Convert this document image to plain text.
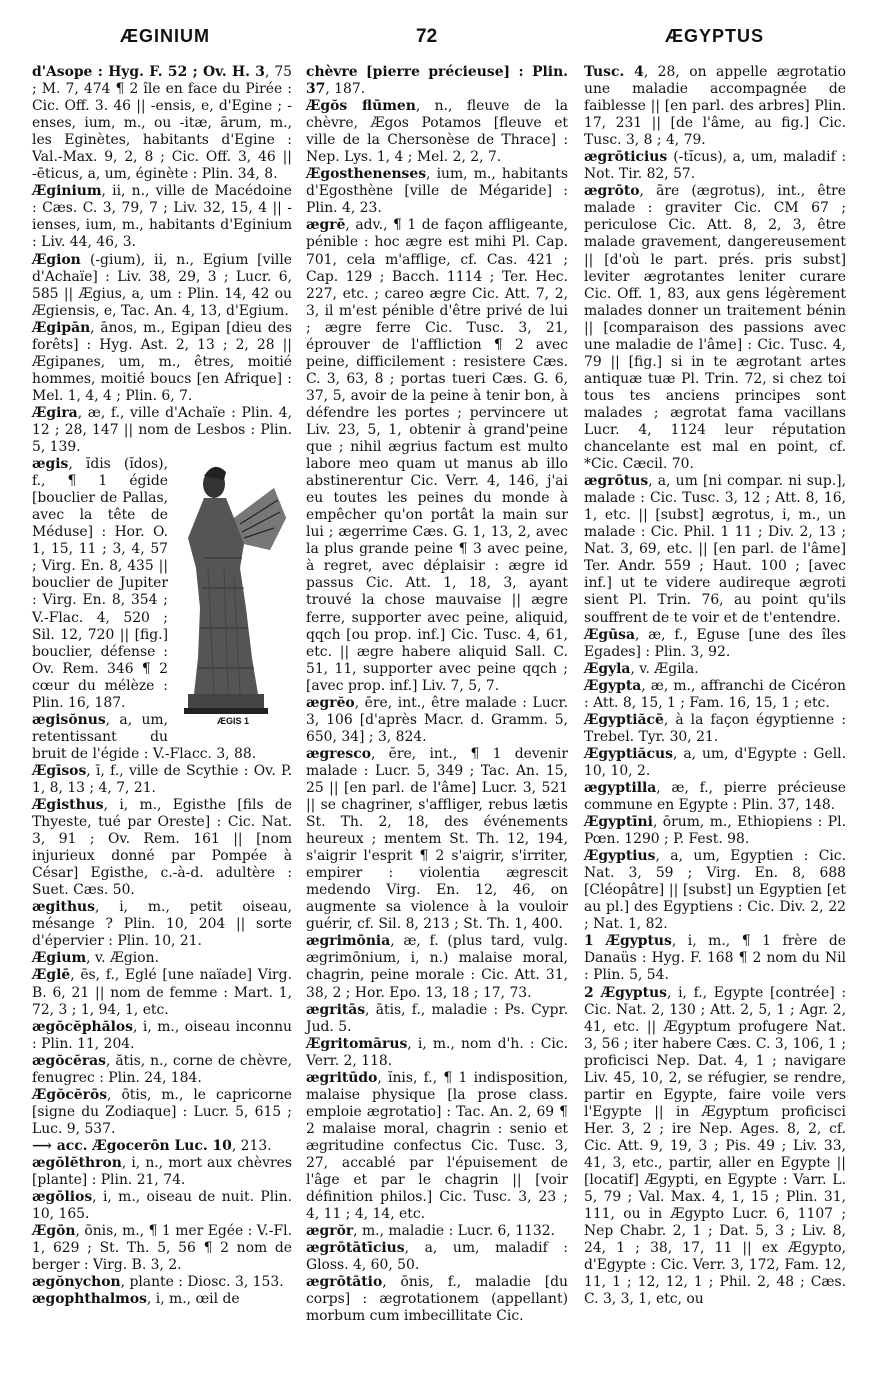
ÆGINIUM	72	ÆGYPTUS

d'Asope : Hyg. F. 52 ; Ov. H. 3, 75 ; M. 7, 474 ¶ 2 île en face du Pirée : Cic. Off. 3. 46 || -ensis, e, d'Egine ; -enses, ium, m., ou -itæ, ārum, m., les Eginètes, habitants d'Egine : Val.-Max. 9, 2, 8 ; Cic. Off. 3, 46 || -ēticus, a, um, éginète : Plin. 34, 8.

Æginium, ii, n., ville de Macédoine : Cæs. C. 3, 79, 7 ; Liv. 32, 15, 4 || -ienses, ium, m., habitants d'Eginium : Liv. 44, 46, 3.

Ægion (-gium), ii, n., Egium [ville d'Achaïe] : Liv. 38, 29, 3 ; Lucr. 6, 585 || Ægius, a, um : Plin. 14, 42 ou Ægiensis, e, Tac. An. 4, 13, d'Egium.

Ægipān, ānos, m., Egipan [dieu des forêts] : Hyg. Ast. 2, 13 ; 2, 28 || Ægipanes, um, m., êtres, moitié hommes, moitié boucs [en Afrique] : Mel. 1, 4, 4 ; Plin. 6, 7.

Ægira, æ, f., ville d'Achaïe : Plin. 4, 12 ; 28, 147 || nom de Lesbos : Plin. 5, 139.

ÆGIS 1

ægis, ĭdis (ĭdos), f., ¶ 1 égide [bouclier de Pallas, avec la tête de Méduse] : Hor. O. 1, 15, 11 ; 3, 4, 57 ; Virg. En. 8, 435 || bouclier de Jupiter : Virg. En. 8, 354 ; V.-Flac. 4, 520 ; Sil. 12, 720 || [fig.] bouclier, défense : Ov. Rem. 346 ¶ 2 cœur du mélèze : Plin. 16, 187.

ægisŏnus, a, um, retentissant du bruit de l'égide : V.-Flacc. 3, 88.

Ægīsos, ī, f., ville de Scythie : Ov. P. 1, 8, 13 ; 4, 7, 21.

Ægisthus, i, m., Egisthe [fils de Thyeste, tué par Oreste] : Cic. Nat. 3, 91 ; Ov. Rem. 161 || [nom injurieux donné par Pompée à César] Egisthe, c.-à-d. adultère : Suet. Cæs. 50.

ægithus, i, m., petit oiseau, mésange ? Plin. 10, 204 || sorte d'épervier : Plin. 10, 21.

Ægium, v. Ægion.

Æglē, ēs, f., Eglé [une naïade] Virg. B. 6, 21 || nom de femme : Mart. 1, 72, 3 ; 1, 94, 1, etc.

ægŏcĕphălos, i, m., oiseau inconnu : Plin. 11, 204.

ægŏcĕras, ătis, n., corne de chèvre, fenugrec : Plin. 24, 184.

Ægŏcĕrōs, ōtis, m., le capricorne [signe du Zodiaque] : Lucr. 5, 615 ; Luc. 9, 537.

⟶ acc. Ægocerōn Luc. 10, 213.

ægŏlĕthron, i, n., mort aux chèvres [plante] : Plin. 21, 74.

ægōlios, i, m., oiseau de nuit. Plin. 10, 165.

Ægōn, ōnis, m., ¶ 1 mer Egée : V.-Fl. 1, 629 ; St. Th. 5, 56 ¶ 2 nom de berger : Virg. B. 3, 2.

ægŏnychon, plante : Diosc. 3, 153.

ægophthalmos, i, m., œil de

chèvre [pierre précieuse] : Plin. 37, 187.

Ægŏs flūmen, n., fleuve de la chèvre, Ægos Potamos [fleuve et ville de la Chersonèse de Thrace] : Nep. Lys. 1, 4 ; Mel. 2, 2, 7.

Ægosthenenses, ium, m., habitants d'Egosthène [ville de Mégaride] : Plin. 4, 23.

ægrē, adv., ¶ 1 de façon affligeante, pénible : hoc ægre est mihi Pl. Cap. 701, cela m'afflige, cf. Cas. 421 ; Cap. 129 ; Bacch. 1114 ; Ter. Hec. 227, etc. ; careo ægre Cic. Att. 7, 2, 3, il m'est pénible d'être privé de lui ; ægre ferre Cic. Tusc. 3, 21, éprouver de l'affliction ¶ 2 avec peine, difficilement : resistere Cæs. C. 3, 63, 8 ; portas tueri Cæs. G. 6, 37, 5, avoir de la peine à tenir bon, à défendre les portes ; pervincere ut Liv. 23, 5, 1, obtenir à grand'peine que ; nihil ægrius factum est multo labore meo quam ut manus ab illo abstinerentur Cic. Verr. 4, 146, j'ai eu toutes les peines du monde à empêcher qu'on portât la main sur lui ; ægerrime Cæs. G. 1, 13, 2, avec la plus grande peine ¶ 3 avec peine, à regret, avec déplaisir : ægre id passus Cic. Att. 1, 18, 3, ayant trouvé la chose mauvaise || ægre ferre, supporter avec peine, aliquid, qqch [ou prop. inf.] Cic. Tusc. 4, 61, etc. || ægre habere aliquid Sall. C. 51, 11, supporter avec peine qqch ; [avec prop. inf.] Liv. 7, 5, 7.

ægrĕo, ēre, int., être malade : Lucr. 3, 106 [d'après Macr. d. Gramm. 5, 650, 34] ; 3, 824.

ægresco, ĕre, int., ¶ 1 devenir malade : Lucr. 5, 349 ; Tac. An. 15, 25 || [en parl. de l'âme] Lucr. 3, 521 || se chagriner, s'affliger, rebus lætis St. Th. 2, 18, des événements heureux ; mentem St. Th. 12, 194, s'aigrir l'esprit ¶ 2 s'aigrir, s'irriter, empirer : violentia ægrescit medendo Virg. En. 12, 46, on augmente sa violence à la vouloir guérir, cf. Sil. 8, 213 ; St. Th. 1, 400.

ægrimōnia, æ, f. (plus tard, vulg. ægrimōnium, i, n.) malaise moral, chagrin, peine morale : Cic. Att. 31, 38, 2 ; Hor. Epo. 13, 18 ; 17, 73.

ægritās, ātis, f., maladie : Ps. Cypr. Jud. 5.

Ægritomārus, i, m., nom d'h. : Cic. Verr. 2, 118.

ægritūdo, ĭnis, f., ¶ 1 indisposition, malaise physique [la prose class. emploie ægrotatio] : Tac. An. 2, 69 ¶ 2 malaise moral, chagrin : senio et ægritudine confectus Cic. Tusc. 3, 27, accablé par l'épuisement de l'âge et par le chagrin || [voir définition philos.] Cic. Tusc. 3, 23 ; 4, 11 ; 4, 14, etc.

ægrŏr, m., maladie : Lucr. 6, 1132.

ægrōtātīcius, a, um, maladif : Gloss. 4, 60, 50.

ægrōtātio, ōnis, f., maladie [du corps] : ægrotationem (appellant) morbum cum imbecillitate Cic.

Tusc. 4, 28, on appelle ægrotatio une maladie accompagnée de faiblesse || [en parl. des arbres] Plin. 17, 231 || [de l'âme, au fig.] Cic. Tusc. 3, 8 ; 4, 79.

ægrōticius (-tĭcus), a, um, maladif : Not. Tir. 82, 57.

ægrōto, āre (ægrotus), int., être malade : graviter Cic. CM 67 ; periculose Cic. Att. 8, 2, 3, être malade gravement, dangereusement || [d'où le part. prés. pris subst] leviter ægrotantes leniter curare Cic. Off. 1, 83, aux gens légèrement malades donner un traitement bénin || [comparaison des passions avec une maladie de l'âme] : Cic. Tusc. 4, 79 || [fig.] si in te ægrotant artes antiquæ tuæ Pl. Trin. 72, si chez toi tous tes anciens principes sont malades ; ægrotat fama vacillans Lucr. 4, 1124 leur réputation chancelante est mal en point, cf. *Cic. Cæcil. 70.

ægrōtus, a, um [ni compar. ni sup.], malade : Cic. Tusc. 3, 12 ; Att. 8, 16, 1, etc. || [subst] ægrotus, i, m., un malade : Cic. Phil. 1 11 ; Div. 2, 13 ; Nat. 3, 69, etc. || [en parl. de l'âme] Ter. Andr. 559 ; Haut. 100 ; [avec inf.] ut te videre audireque ægroti sient Pl. Trin. 76, au point qu'ils souffrent de te voir et de t'entendre.

Ægūsa, æ, f., Eguse [une des îles Egades] : Plin. 3, 92.

Ægyla, v. Ægila.

Ægypta, æ, m., affranchi de Cicéron : Att. 8, 15, 1 ; Fam. 16, 15, 1 ; etc.

Ægyptiăcē, à la façon égyptienne : Trebel. Tyr. 30, 21.

Ægyptiăcus, a, um, d'Egypte : Gell. 10, 10, 2.

ægyptilla, æ, f., pierre précieuse commune en Egypte : Plin. 37, 148.

Ægyptīni, ōrum, m., Ethiopiens : Pl. Pœn. 1290 ; P. Fest. 98.

Ægyptius, a, um, Egyptien : Cic. Nat. 3, 59 ; Virg. En. 8, 688 [Cléopâtre] || [subst] un Egyptien [et au pl.] des Egyptiens : Cic. Div. 2, 22 ; Nat. 1, 82.

1 Ægyptus, i, m., ¶ 1 frère de Danaüs : Hyg. F. 168 ¶ 2 nom du Nil : Plin. 5, 54.

2 Ægyptus, i, f., Egypte [contrée] : Cic. Nat. 2, 130 ; Att. 2, 5, 1 ; Agr. 2, 41, etc. || Ægyptum profugere Nat. 3, 56 ; iter habere Cæs. C. 3, 106, 1 ; proficisci Nep. Dat. 4, 1 ; navigare Liv. 45, 10, 2, se réfugier, se rendre, partir en Egypte, faire voile vers l'Egypte || in Ægyptum proficisci Her. 3, 2 ; ire Nep. Ages. 8, 2, cf. Cic. Att. 9, 19, 3 ; Pis. 49 ; Liv. 33, 41, 3, etc., partir, aller en Egypte || [locatif] Ægypti, en Egypte : Varr. L. 5, 79 ; Val. Max. 4, 1, 15 ; Plin. 31, 111, ou in Ægypto Lucr. 6, 1107 ; Nep Chabr. 2, 1 ; Dat. 5, 3 ; Liv. 8, 24, 1 ; 38, 17, 11 || ex Ægypto, d'Egypte : Cic. Verr. 3, 172, Fam. 12, 11, 1 ; 12, 12, 1 ; Phil. 2, 48 ; Cæs. C. 3, 3, 1, etc, ou
